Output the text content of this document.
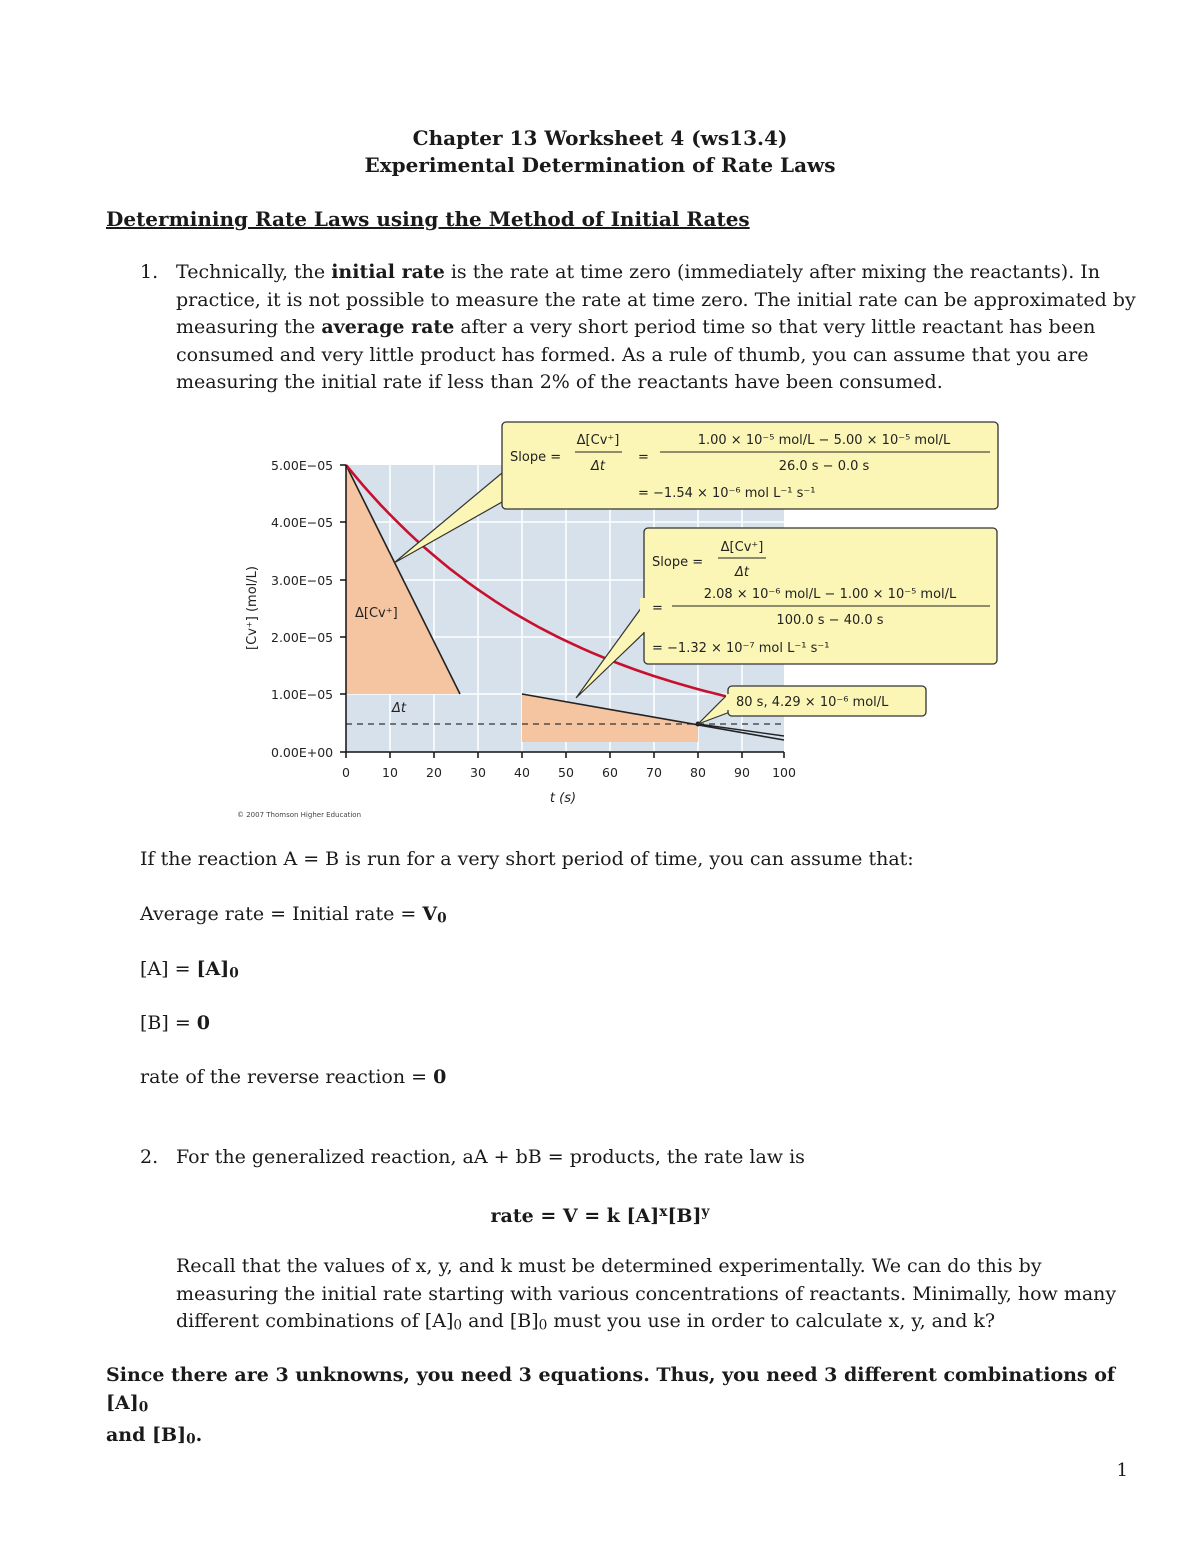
Chapter 13 Worksheet 4 (ws13.4)
Experimental Determination of Rate Laws
Determining Rate Laws using the Method of Initial Rates
1. Technically, the initial rate is the rate at time zero (immediately after mixing the reactants). In
practice, it is not possible to measure the rate at time zero. The initial rate can be approximated by
measuring the average rate after a very short period time so that very little reactant has been
consumed and very little product has formed. As a rule of thumb, you can assume that you are
measuring the initial rate if less than 2% of the reactants have been consumed.
5.00E−05
4.00E−05
3.00E−05
2.00E−05
1.00E−05
0.00E+00
0	10 20 30 40 50 60 70 80 90 100
t (s)
[Cv⁺] (mol/L)
© 2007 Thomson Higher Education
Δ[Cv⁺]
Δt
Slope =
Δ[Cv⁺]
Δt
=
1.00 × 10⁻⁵ mol/L − 5.00 × 10⁻⁵ mol/L
26.0 s − 0.0 s
= −1.54 × 10⁻⁶ mol L⁻¹ s⁻¹
Slope =
Δ[Cv⁺]
Δt
=
2.08 × 10⁻⁶ mol/L − 1.00 × 10⁻⁵ mol/L
100.0 s − 40.0 s
= −1.32 × 10⁻⁷ mol L⁻¹ s⁻¹
80 s, 4.29 × 10⁻⁶ mol/L
If the reaction A = B is run for a very short period of time, you can assume that:
Average rate = Initial rate = $V_0$
$[A] = [A]_0$
[B] = 0
rate of the reverse reaction = 0
2. For the generalized reaction, aA + bB = products, the rate law is
rate = V = k $[A]^x[B]^y$
Recall that the values of x, y, and k must be determined experimentally. We can do this by
measuring the initial rate starting with various concentrations of reactants. Minimally, how many
different combinations of $[A]_0$ and $[B]_0$ must you use in order to calculate x, y, and k?
Since there are 3 unknowns, you need 3 equations. Thus, you need 3 different combinations of $[A]_0$
and $[B]_0$.
1
